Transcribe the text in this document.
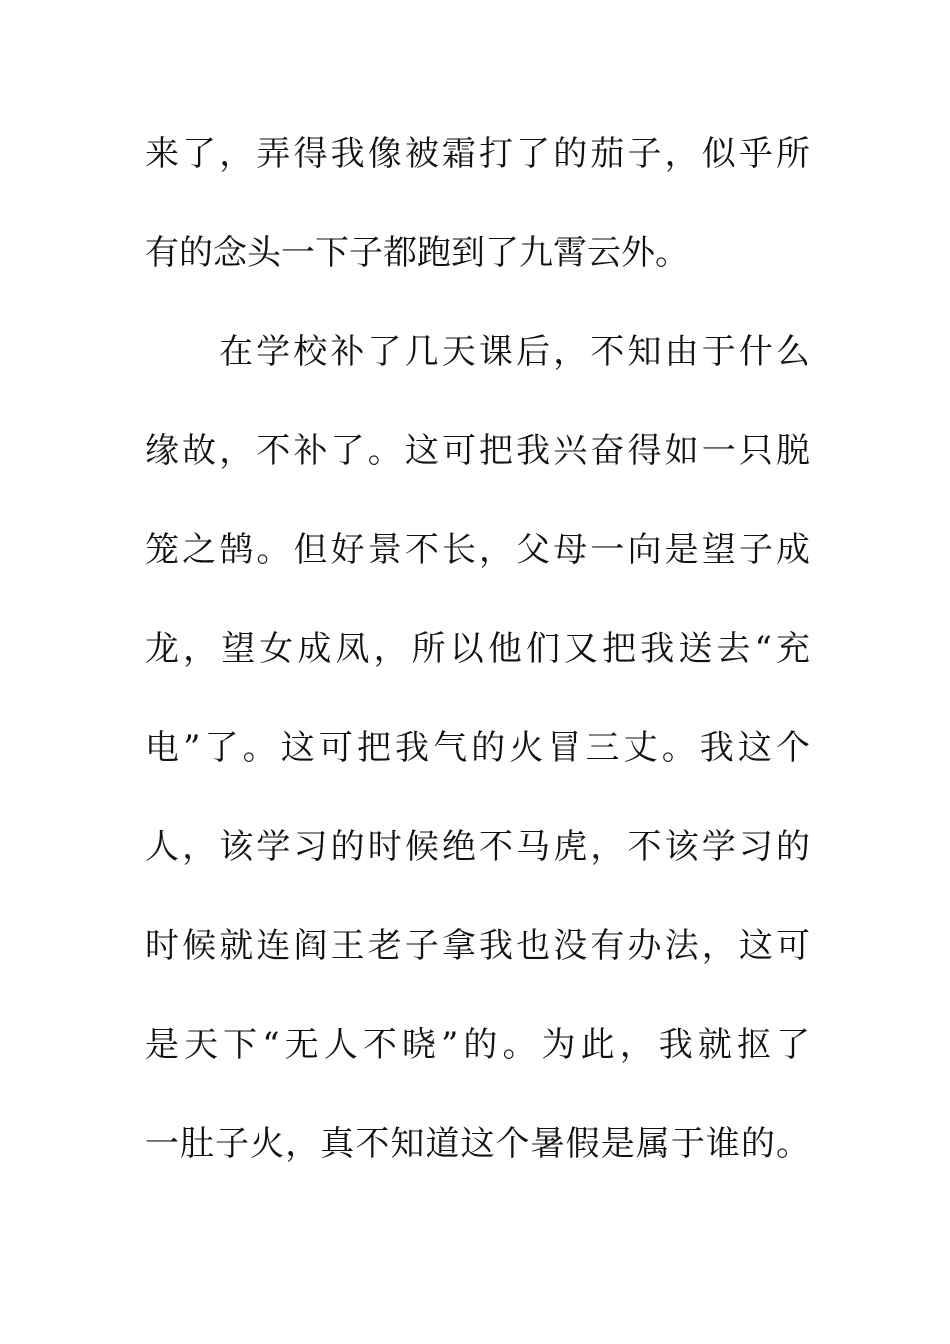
来了，弄得我像被霜打了的茄子，似乎所
有的念头一下子都跑到了九霄云外。
在学校补了几天课后，不知由于什么
缘故，不补了。这可把我兴奋得如一只脱
笼之鹄。但好景不长，父母一向是望子成
龙，望女成凤，所以他们又把我送去“充
电”了。这可把我气的火冒三丈。我这个
人，该学习的时候绝不马虎，不该学习的
时候就连阎王老子拿我也没有办法，这可
是天下“无人不晓”的。为此，我就抠了
一肚子火，真不知道这个暑假是属于谁的。
